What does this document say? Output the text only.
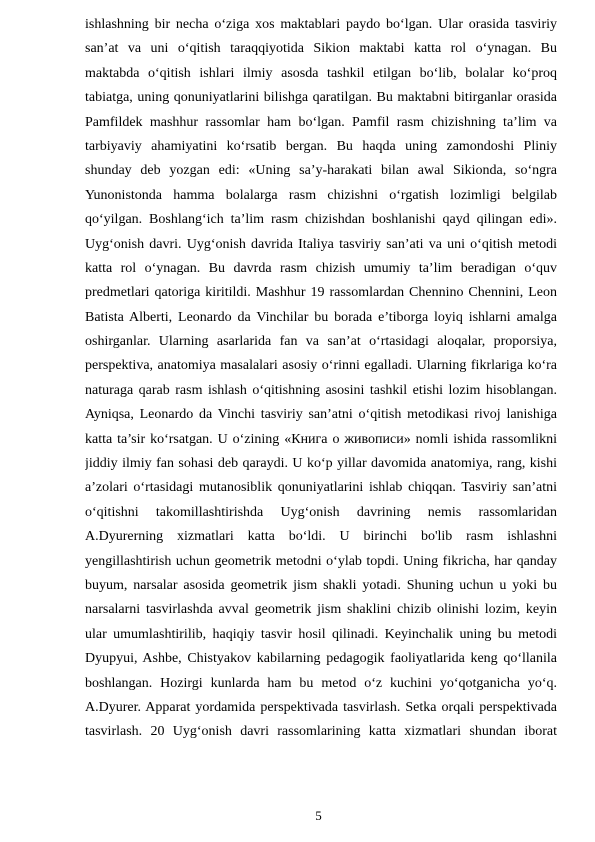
ishlashning bir necha o‘ziga xos maktablari paydo bo‘lgan. Ular orasida tasviriy
san’at va uni o‘qitish taraqqiyotida Sikion maktabi katta rol o‘ynagan. Bu
maktabda o‘qitish ishlari ilmiy asosda tashkil etilgan bo‘lib, bolalar ko‘proq
tabiatga, uning qonuniyatlarini bilishga qaratilgan. Bu maktabni bitirganlar orasida
Pamfildek mashhur rassomlar ham bo‘lgan. Pamfil rasm chizishning ta’lim va
tarbiyaviy ahamiyatini ko‘rsatib bergan. Bu haqda uning zamondoshi Pliniy
shunday deb yozgan edi: «Uning sa’y-harakati bilan awal Sikionda, so‘ngra
Yunonistonda hamma bolalarga rasm chizishni o‘rgatish lozimligi belgilab
qo‘yilgan. Boshlang‘ich ta’lim rasm chizishdan boshlanishi qayd qilingan edi».
Uyg‘onish davri. Uyg‘onish davrida Italiya tasviriy san’ati va uni o‘qitish metodi
katta rol o‘ynagan. Bu davrda rasm chizish umumiy ta’lim beradigan o‘quv
predmetlari qatoriga kiritildi. Mashhur 19 rassomlardan Chennino Chennini, Leon
Batista Alberti, Leonardo da Vinchilar bu borada e’tiborga loyiq ishlarni amalga
oshirganlar. Ularning asarlarida fan va san’at o‘rtasidagi aloqalar, proporsiya,
perspektiva, anatomiya masalalari asosiy o‘rinni egalladi. Ularning fikrlariga ko‘ra
naturaga qarab rasm ishlash o‘qitishning asosini tashkil etishi lozim hisoblangan.
Ayniqsa, Leonardo da Vinchi tasviriy san’atni o‘qitish metodikasi rivoj lanishiga
katta ta’sir ko‘rsatgan. U o‘zining «Книга о живописи» nomli ishida rassomlikni
jiddiy ilmiy fan sohasi deb qaraydi. U ko‘p yillar davomida anatomiya, rang, kishi
a’zolari o‘rtasidagi mutanosiblik qonuniyatlarini ishlab chiqqan. Tasviriy san’atni
o‘qitishni takomillashtirishda Uyg‘onish davrining nemis rassomlaridan
A.Dyurerning xizmatlari katta bo‘ldi. U birinchi bo'lib rasm ishlashni
yengillashtirish uchun geometrik metodni o‘ylab topdi. Uning fikricha, har qanday
buyum, narsalar asosida geometrik jism shakli yotadi. Shuning uchun u yoki bu
narsalarni tasvirlashda avval geometrik jism shaklini chizib olinishi lozim, keyin
ular umumlashtirilib, haqiqiy tasvir hosil qilinadi. Keyinchalik uning bu metodi
Dyupyui, Ashbe, Chistyakov kabilarning pedagogik faoliyatlarida keng qo‘llanila
boshlangan. Hozirgi kunlarda ham bu metod o‘z kuchini yo‘qotganicha yo‘q.
A.Dyurer. Apparat yordamida perspektivada tasvirlash. Setka orqali perspektivada
tasvirlash. 20 Uyg‘onish davri rassomlarining katta xizmatlari shundan iborat
5
